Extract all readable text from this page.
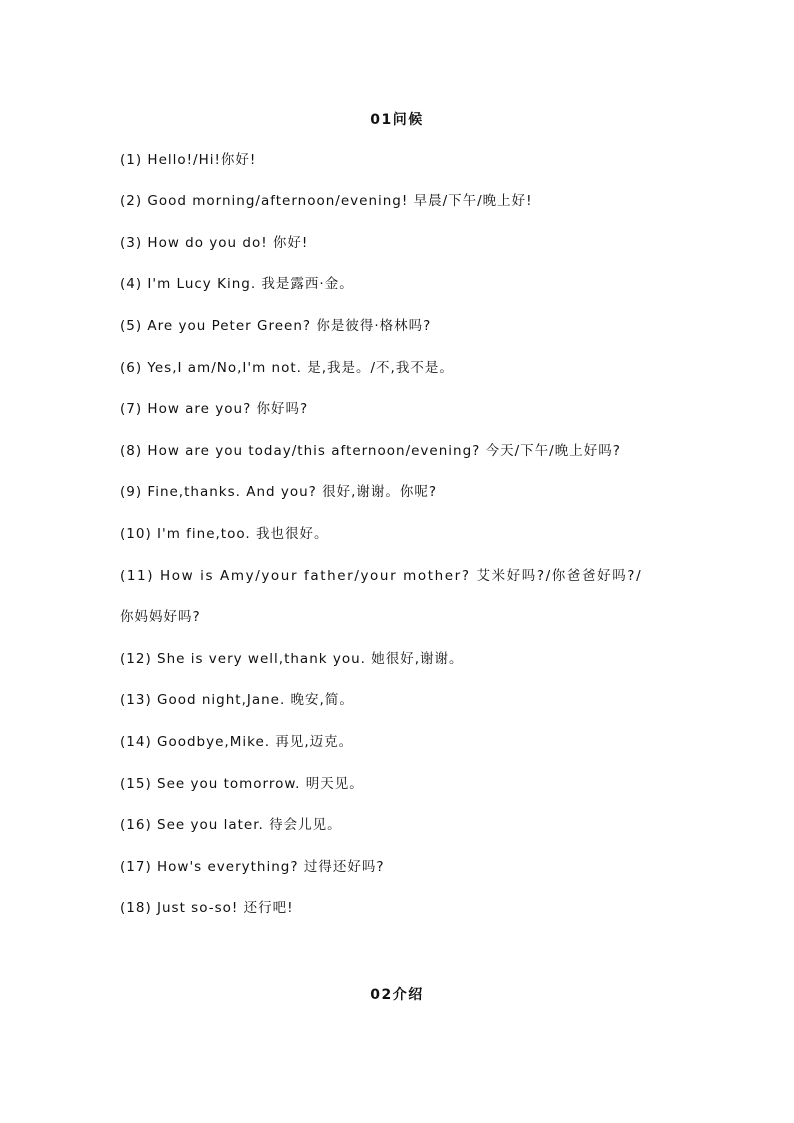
01问候

(1) Hello!/Hi!你好!

(2) Good morning/afternoon/evening! 早晨/下午/晚上好!

(3) How do you do! 你好!

(4) I'm Lucy King. 我是露西·金。

(5) Are you Peter Green? 你是彼得·格林吗?

(6) Yes,I am/No,I'm not. 是,我是。/不,我不是。

(7) How are you? 你好吗?

(8) How are you today/this afternoon/evening? 今天/下午/晚上好吗?

(9) Fine,thanks. And you? 很好,谢谢。你呢?

(10) I'm fine,too. 我也很好。

(11) How is Amy/your father/your mother? 艾米好吗?/你爸爸好吗?/

你妈妈好吗?

(12) She is very well,thank you. 她很好,谢谢。

(13) Good night,Jane. 晚安,简。

(14) Goodbye,Mike. 再见,迈克。

(15) See you tomorrow. 明天见。

(16) See you later. 待会儿见。

(17) How's everything? 过得还好吗?

(18) Just so-so! 还行吧!

02介绍
